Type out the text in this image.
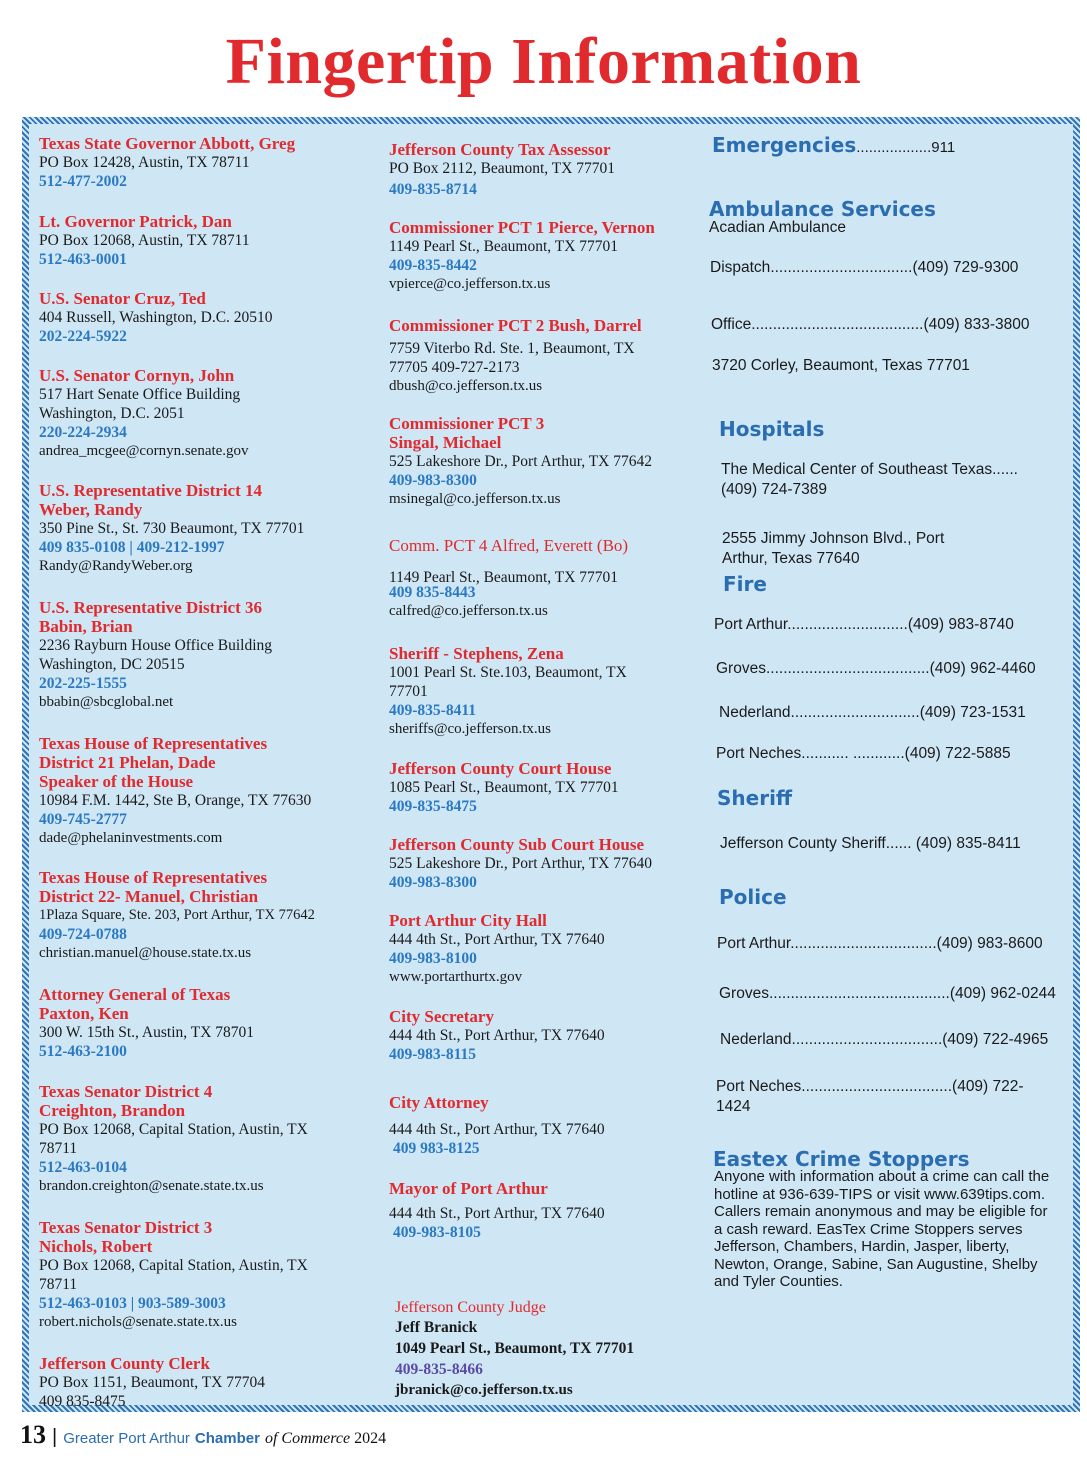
Fingertip Information
Texas State Governor Abbott, Greg
PO Box 12428, Austin, TX 78711
512-477-2002
Lt. Governor Patrick, Dan
PO Box 12068, Austin, TX 78711
512-463-0001
U.S. Senator Cruz, Ted
404 Russell, Washington, D.C. 20510
202-224-5922
U.S. Senator Cornyn, John
517 Hart Senate Office Building
Washington, D.C. 2051
220-224-2934
andrea_mcgee@cornyn.senate.gov
U.S. Representative District 14
Weber, Randy
350 Pine St., St. 730 Beaumont, TX 77701
409 835-0108 | 409-212-1997
Randy@RandyWeber.org
U.S. Representative District 36
Babin, Brian
2236 Rayburn House Office Building
Washington, DC 20515
202-225-1555
bbabin@sbcglobal.net
Texas House of Representatives
District 21 Phelan, Dade
Speaker of the House
10984 F.M. 1442, Ste B, Orange, TX 77630
409-745-2777
dade@phelaninvestments.com
Texas House of Representatives
District 22- Manuel, Christian
1Plaza Square, Ste. 203, Port Arthur, TX 77642
409-724-0788
christian.manuel@house.state.tx.us
Attorney General of Texas
Paxton, Ken
300 W. 15th St., Austin, TX 78701
512-463-2100
Texas Senator District 4
Creighton, Brandon
PO Box 12068, Capital Station, Austin, TX
78711
512-463-0104
brandon.creighton@senate.state.tx.us
Texas Senator District 3
Nichols, Robert
PO Box 12068, Capital Station, Austin, TX
78711
512-463-0103 | 903-589-3003
robert.nichols@senate.state.tx.us
Jefferson County Clerk
PO Box 1151, Beaumont, TX 77704
409 835-8475
Jefferson County Tax Assessor
PO Box 2112, Beaumont, TX 77701
409-835-8714
Commissioner PCT 1 Pierce, Vernon
1149 Pearl St., Beaumont, TX 77701
409-835-8442
vpierce@co.jefferson.tx.us
Commissioner PCT 2 Bush, Darrel
7759 Viterbo Rd. Ste. 1, Beaumont, TX
77705 409-727-2173
dbush@co.jefferson.tx.us
Commissioner PCT 3
Singal, Michael
525 Lakeshore Dr., Port Arthur, TX 77642
409-983-8300
msinegal@co.jefferson.tx.us
Comm. PCT 4 Alfred, Everett (Bo)
1149 Pearl St., Beaumont, TX 77701
409 835-8443
calfred@co.jefferson.tx.us
Sheriff - Stephens, Zena
1001 Pearl St. Ste.103, Beaumont, TX
77701
409-835-8411
sheriffs@co.jefferson.tx.us
Jefferson County Court House
1085 Pearl St., Beaumont, TX 77701
409-835-8475
Jefferson County Sub Court House
525 Lakeshore Dr., Port Arthur, TX 77640
409-983-8300
Port Arthur City Hall
444 4th St., Port Arthur, TX 77640
409-983-8100
www.portarthurtx.gov
City Secretary
444 4th St., Port Arthur, TX 77640
409-983-8115
City Attorney
444 4th St., Port Arthur, TX 77640
409 983-8125
Mayor of Port Arthur
444 4th St., Port Arthur, TX 77640
409-983-8105
Jefferson County Judge
Jeff Branick
1049 Pearl St., Beaumont, TX 77701
409-835-8466
jbranick@co.jefferson.tx.us
Emergencies..................911
Ambulance Services
Acadian Ambulance
Dispatch.................................(409) 729-9300
Office........................................(409) 833-3800
3720 Corley, Beaumont, Texas 77701
Hospitals
The Medical Center of Southeast Texas......
(409) 724-7389
2555 Jimmy Johnson Blvd., Port
Arthur, Texas 77640
Fire
Port Arthur............................(409) 983-8740
Groves......................................(409) 962-4460
Nederland..............................(409) 723-1531
Port Neches........... ............(409) 722-5885
Sheriff
Jefferson County Sheriff...... (409) 835-8411
Police
Port Arthur..................................(409) 983-8600
Groves..........................................(409) 962-0244
Nederland...................................(409) 722-4965
Port Neches...................................(409) 722-1424
Eastex Crime Stoppers
Anyone with information about a crime can call the hotline at 936-639-TIPS or visit www.639tips.com. Callers remain anonymous and may be eligible for a cash reward. EasTex Crime Stoppers serves Jefferson, Chambers, Hardin, Jasper, liberty, Newton, Orange, Sabine, San Augustine, Shelby and Tyler Counties.
13 | Greater Port Arthur Chamber of Commerce 2024
